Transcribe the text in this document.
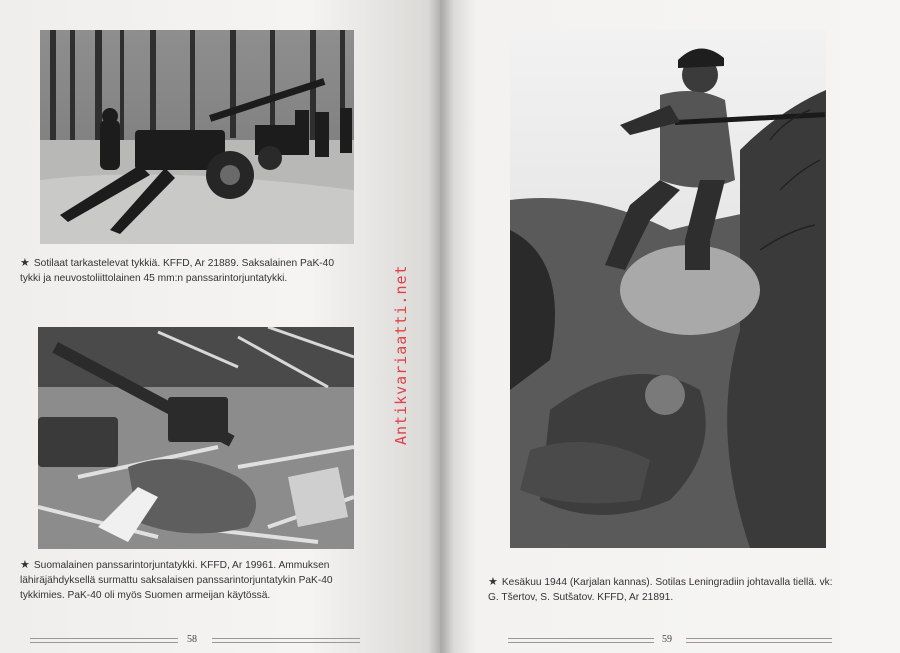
★ Sotilaat tarkastelevat tykkiä. KFFD, Ar 21889. Saksalainen PaK-40 tykki ja neuvostoliittolainen 45 mm:n panssarintorjuntatykki.
★ Suomalainen panssarintorjuntatykki. KFFD, Ar 19961. Ammuksen lähiräjähdyksellä surmattu saksalaisen panssarintorjuntatykin PaK-40 tykkimies. PaK-40 oli myös Suomen armeijan käytössä.
Antikvariaatti.net
★ Kesäkuu 1944 (Karjalan kannas). Sotilas Leningradiin johtavalla tiellä. vk: G. Tšertov, S. Sutšatov. KFFD, Ar 21891.
58	59
